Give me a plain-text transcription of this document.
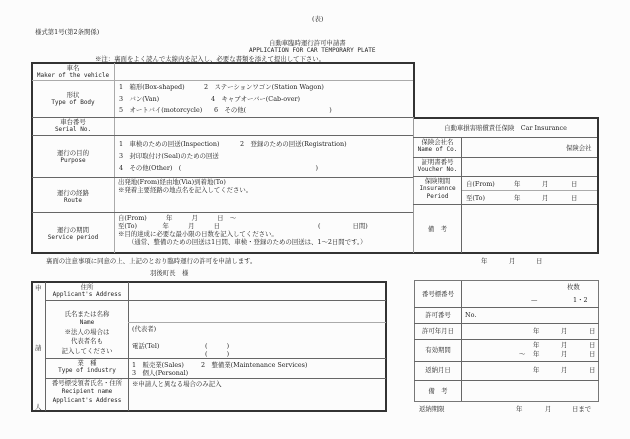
(表)
様式第1号(第2条関係)
自動車臨時運行許可申請書
APPLICATION FOR CAR TEMPORARY PLATE
※注：裏面をよく読んで太線内を記入し、必要な書類を添えて提出して下さい。
車名
Maker of the vehicle
形状
Type of Body
1　箱形(Box-shaped)	2　ステーションワゴン(Station Wagon)
3　バン(Van)	4　キャブオーバー(Cab-over)
5　オートバイ(motorcycle) 6　その他(　　　　　　　　　　　　　)
車台番号
Serial No.
運行の目的
Purpose
1　車検のための回送(Inspection)	2　登録のための回送(Registration)
3　封印取付け(Seal)のための回送
4　その他(Other)　(　　　　　　　　　　　　　　　　　　　　　)
運行の経路
Route
出発地(From)経由地(Via)到着地(To)
※発着主要経路の地点名を記入してください。
運行の期間
Service period
自(From)　　　年　　　月　　　日　～
至(To)　　　　年　　　月　　　日	(　　　　　日間)
※目的達成に必要な最小限の日数を記入してください。
（通常、整備のための回送は1日間、車検・登録のための回送は、1～2日間です。）
自動車損害賠償責任保険　Car Insurance
保険会社名
Name of Co.	保険会社
証明書番号
Voucher No.
保険期間
Insurannce
Period
自(From)	年	月	日
至(To)	年	月	日
備　考
裏面の注意事項に同意の上、上記のとおり臨時運行の許可を申請します。	年	月	日
羽後町長　様
申
請
人
住所
Applicant's Address
氏名または名称
Name
※法人の場合は
代表者名も
記入してください
(代表者)
電話(Tel)	(　　　)
(　　　)
業　種
Type of industry
1　販売業(Sales)	2　整備業(Maintenance Services)
3　個人(Personal)
番号標受領者氏名・住所
Recipient name
Applicant's Address
※申請人と異なる場合のみ記入
番号標番号
枚数
—	1・2
許可番号	No.
許可年月日	年	月	日
有効期間
年	月	日
～ 年	月	日
返納月日	年	月	日
備　考
返納期限	年	月	日まで
